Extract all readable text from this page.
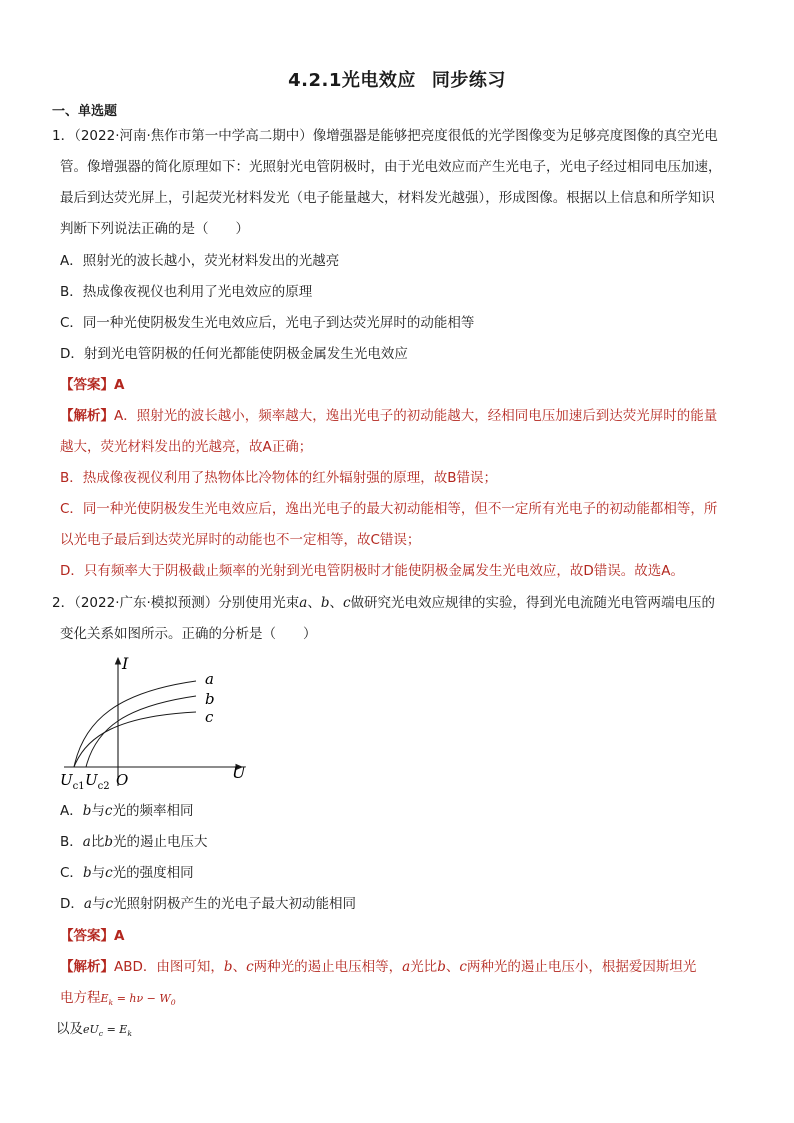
4.2.1光电效应 同步练习
一、单选题
1．（2022·河南·焦作市第一中学高二期中）像增强器是能够把亮度很低的光学图像变为足够亮度图像的真空光电
管。像增强器的简化原理如下：光照射光电管阴极时，由于光电效应而产生光电子，光电子经过相同电压加速，
最后到达荧光屏上，引起荧光材料发光（电子能量越大，材料发光越强），形成图像。根据以上信息和所学知识
判断下列说法正确的是（　　）
A．照射光的波长越小，荧光材料发出的光越亮
B．热成像夜视仪也利用了光电效应的原理
C．同一种光使阴极发生光电效应后，光电子到达荧光屏时的动能相等
D．射到光电管阴极的任何光都能使阴极金属发生光电效应
【答案】A
【解析】A．照射光的波长越小，频率越大，逸出光电子的初动能越大，经相同电压加速后到达荧光屏时的能量
越大，荧光材料发出的光越亮，故A正确；
B．热成像夜视仪利用了热物体比冷物体的红外辐射强的原理，故B错误；
C．同一种光使阴极发生光电效应后，逸出光电子的最大初动能相等，但不一定所有光电子的初动能都相等，所
以光电子最后到达荧光屏时的动能也不一定相等，故C错误；
D．只有频率大于阴极截止频率的光射到光电管阴极时才能使阴极金属发生光电效应，故D错误。故选A。
2．（2022·广东·模拟预测）分别使用光束a、b、c做研究光电效应规律的实验，得到光电流随光电管两端电压的
变化关系如图所示。正确的分析是（　　）
I
U
a
b
c
O
$U_{c1}$ $U_{c2}$
A．b与c光的频率相同
B．a比b光的遏止电压大
C．b与c光的强度相同
D．a与c光照射阴极产生的光电子最大初动能相同
【答案】A
【解析】ABD．由图可知，b、c两种光的遏止电压相等，a光比b、c两种光的遏止电压小，根据爱因斯坦光
电方程$E_k = h\nu - W_0$
以及$eU_c = E_k$
